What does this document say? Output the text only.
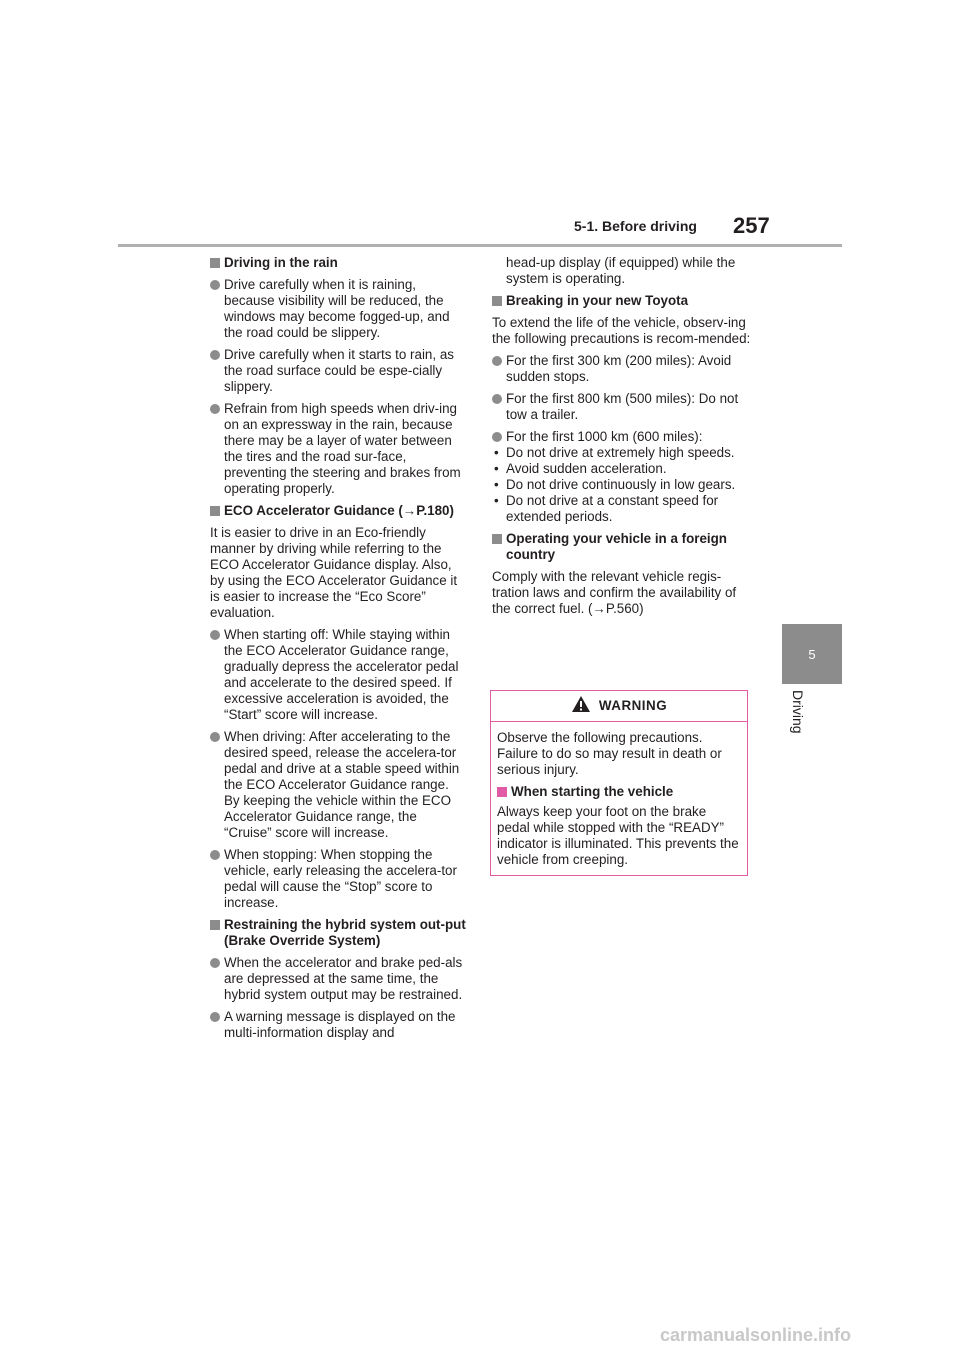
5-1. Before driving 257
5
Driving
Driving in the rain
Drive carefully when it is raining, because visibility will be reduced, the windows may become fogged-up, and the road could be slippery.
Drive carefully when it starts to rain, as the road surface could be espe-cially slippery.
Refrain from high speeds when driv-ing on an expressway in the rain, because there may be a layer of water between the tires and the road sur-face, preventing the steering and brakes from operating properly.
ECO Accelerator Guidance (→P.180)
It is easier to drive in an Eco-friendly manner by driving while referring to the ECO Accelerator Guidance display. Also, by using the ECO Accelerator Guidance it is easier to increase the “Eco Score” evaluation.
When starting off: While staying within the ECO Accelerator Guidance range, gradually depress the accelerator pedal and accelerate to the desired speed. If excessive acceleration is avoided, the “Start” score will increase.
When driving: After accelerating to the desired speed, release the accelera-tor pedal and drive at a stable speed within the ECO Accelerator Guidance range. By keeping the vehicle within the ECO Accelerator Guidance range, the “Cruise” score will increase.
When stopping: When stopping the vehicle, early releasing the accelera-tor pedal will cause the “Stop” score to increase.
Restraining the hybrid system out-put (Brake Override System)
When the accelerator and brake ped-als are depressed at the same time, the hybrid system output may be restrained.
A warning message is displayed on the multi-information display and
head-up display (if equipped) while the system is operating.
Breaking in your new Toyota
To extend the life of the vehicle, observ-ing the following precautions is recom-mended:
For the first 300 km (200 miles): Avoid sudden stops.
For the first 800 km (500 miles): Do not tow a trailer.
For the first 1000 km (600 miles):
• Do not drive at extremely high speeds.
• Avoid sudden acceleration.
• Do not drive continuously in low gears.
• Do not drive at a constant speed for extended periods.
Operating your vehicle in a foreign country
Comply with the relevant vehicle regis-tration laws and confirm the availability of the correct fuel. (→P.560)
WARNING
Observe the following precautions. Failure to do so may result in death or serious injury.
When starting the vehicle
Always keep your foot on the brake pedal while stopped with the “READY” indicator is illuminated. This prevents the vehicle from creeping.
carmanualsonline.info
